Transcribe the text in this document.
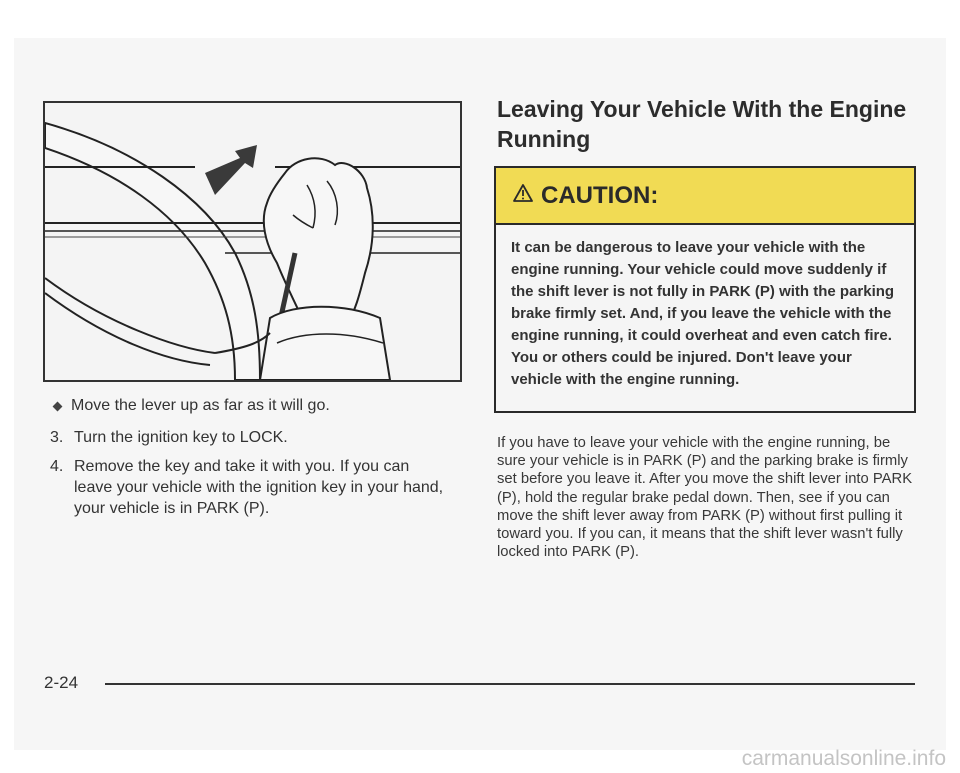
Move the lever up as far as it will go.
3. Turn the ignition key to LOCK.
4. Remove the key and take it with you. If you can leave your vehicle with the ignition key in your hand, your vehicle is in PARK (P).
Leaving Your Vehicle With the Engine Running
CAUTION:
It can be dangerous to leave your vehicle with the engine running. Your vehicle could move suddenly if the shift lever is not fully in PARK (P) with the parking brake firmly set. And, if you leave the vehicle with the engine running, it could overheat and even catch fire. You or others could be injured. Don't leave your vehicle with the engine running.
If you have to leave your vehicle with the engine running, be sure your vehicle is in PARK (P) and the parking brake is firmly set before you leave it. After you move the shift lever into PARK (P), hold the regular brake pedal down. Then, see if you can move the shift lever away from PARK (P) without first pulling it toward you. If you can, it means that the shift lever wasn't fully locked into PARK (P).
2-24
carmanualsonline.info
